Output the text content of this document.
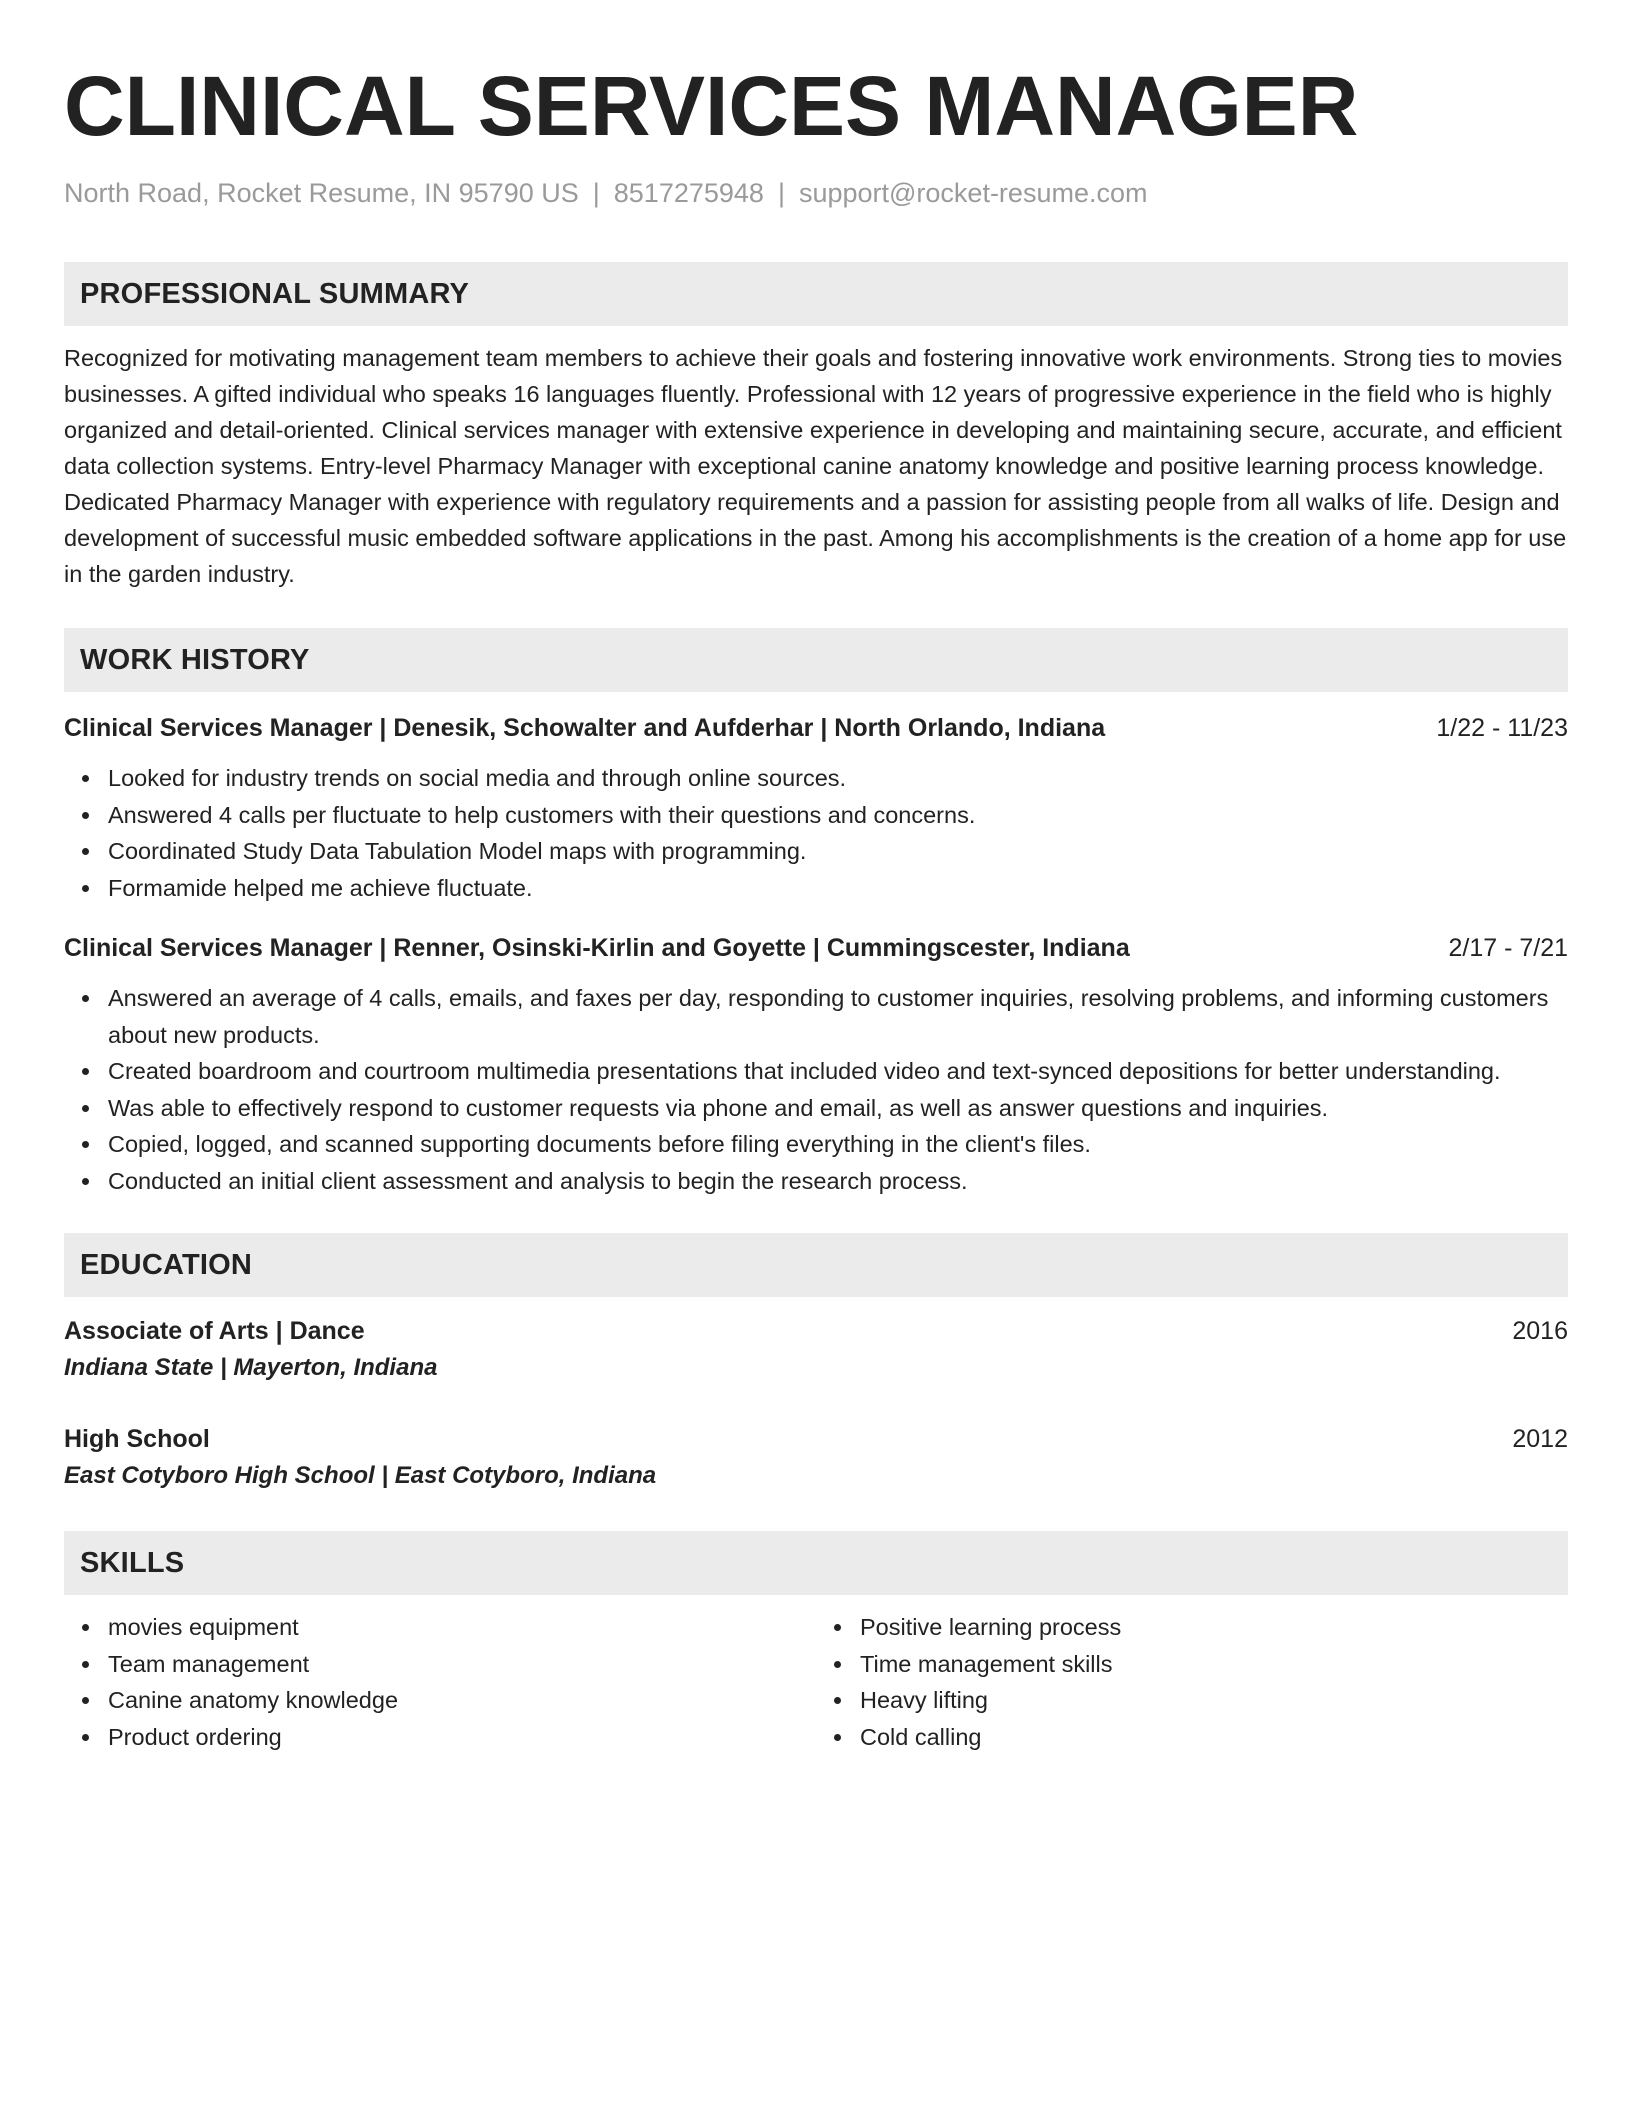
CLINICAL SERVICES MANAGER
North Road, Rocket Resume, IN 95790 US | 8517275948 | support@rocket-resume.com
PROFESSIONAL SUMMARY
Recognized for motivating management team members to achieve their goals and fostering innovative work environments. Strong ties to movies businesses. A gifted individual who speaks 16 languages fluently. Professional with 12 years of progressive experience in the field who is highly organized and detail-oriented. Clinical services manager with extensive experience in developing and maintaining secure, accurate, and efficient data collection systems. Entry-level Pharmacy Manager with exceptional canine anatomy knowledge and positive learning process knowledge. Dedicated Pharmacy Manager with experience with regulatory requirements and a passion for assisting people from all walks of life. Design and development of successful music embedded software applications in the past. Among his accomplishments is the creation of a home app for use in the garden industry.
WORK HISTORY
Clinical Services Manager | Denesik, Schowalter and Aufderhar | North Orlando, Indiana	1/22 - 11/23
Looked for industry trends on social media and through online sources.
Answered 4 calls per fluctuate to help customers with their questions and concerns.
Coordinated Study Data Tabulation Model maps with programming.
Formamide helped me achieve fluctuate.
Clinical Services Manager | Renner, Osinski-Kirlin and Goyette | Cummingscester, Indiana	2/17 - 7/21
Answered an average of 4 calls, emails, and faxes per day, responding to customer inquiries, resolving problems, and informing customers about new products.
Created boardroom and courtroom multimedia presentations that included video and text-synced depositions for better understanding.
Was able to effectively respond to customer requests via phone and email, as well as answer questions and inquiries.
Copied, logged, and scanned supporting documents before filing everything in the client's files.
Conducted an initial client assessment and analysis to begin the research process.
EDUCATION
Associate of Arts | Dance	2016
Indiana State | Mayerton, Indiana
High School	2012
East Cotyboro High School | East Cotyboro, Indiana
SKILLS
movies equipment
Team management
Canine anatomy knowledge
Product ordering
Positive learning process
Time management skills
Heavy lifting
Cold calling
